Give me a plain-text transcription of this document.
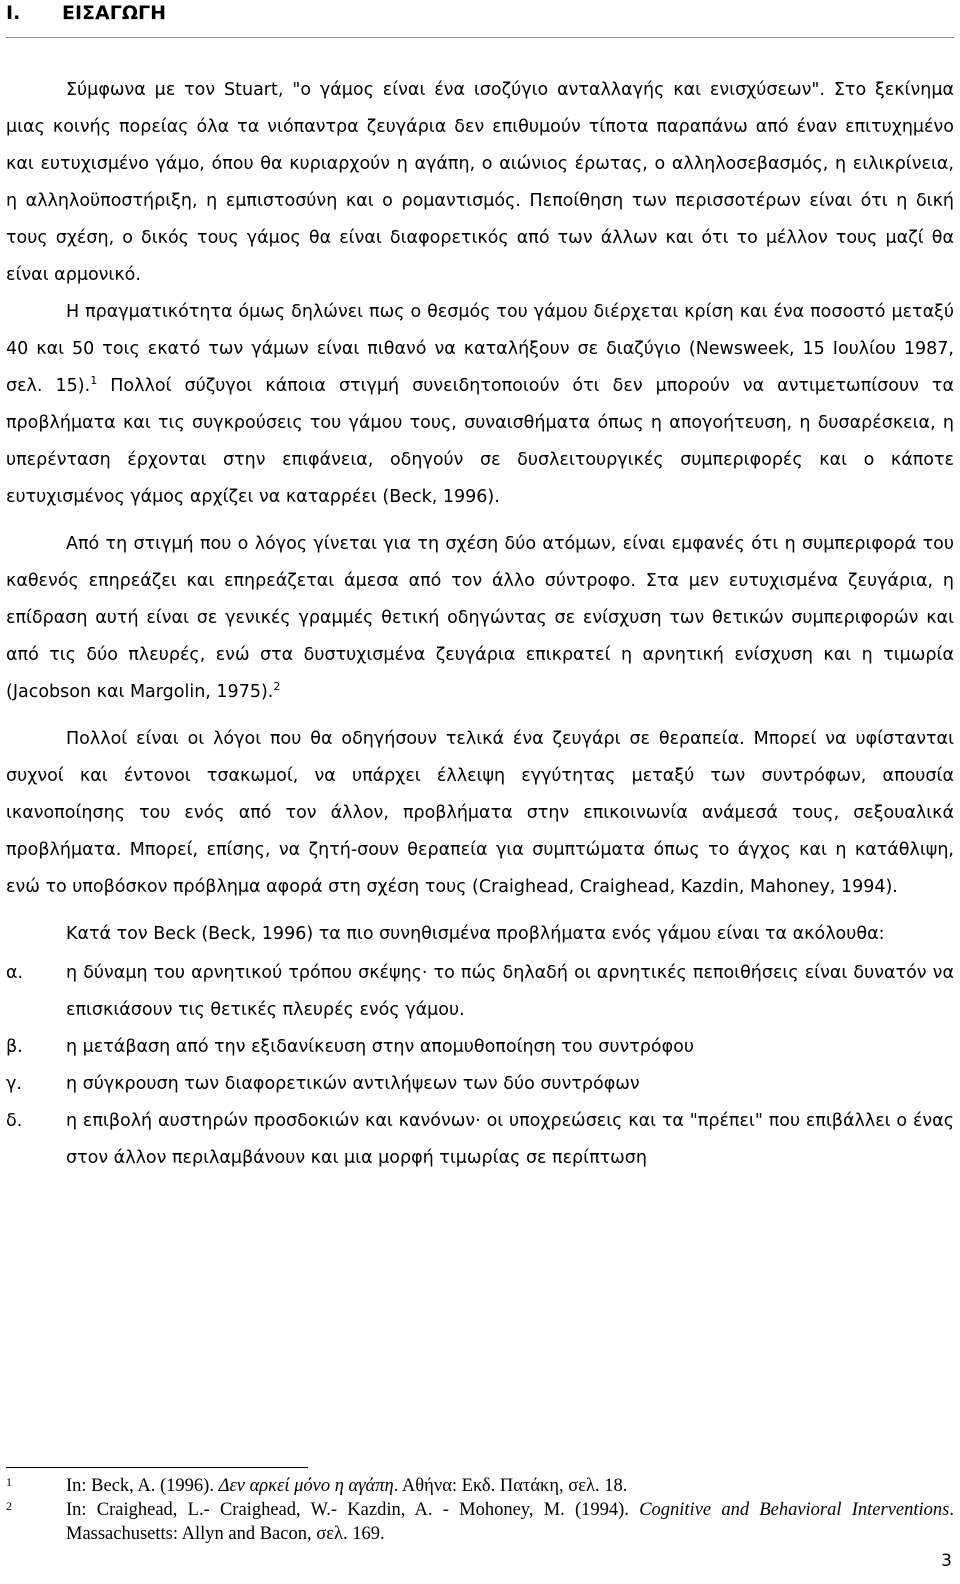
I. ΕΙΣΑΓΩΓΗ

Σύμφωνα με τον Stuart, "ο γάμος είναι ένα ισοζύγιο ανταλλαγής και ενισχύσεων". Στο ξεκίνημα μιας κοινής πορείας όλα τα νιόπαντρα ζευγάρια δεν επιθυμούν τίποτα παραπάνω από έναν επιτυχημένο και ευτυχισμένο γάμο, όπου θα κυριαρχούν η αγάπη, ο αιώνιος έρωτας, ο αλληλοσεβασμός, η ειλικρίνεια, η αλληλοϋποστήριξη, η εμπιστοσύνη και ο ρομαντισμός. Πεποίθηση των περισσοτέρων είναι ότι η δική τους σχέση, ο δικός τους γάμος θα είναι διαφορετικός από των άλλων και ότι το μέλλον τους μαζί θα είναι αρμονικό.

Η πραγματικότητα όμως δηλώνει πως ο θεσμός του γάμου διέρχεται κρίση και ένα ποσοστό μεταξύ 40 και 50 τοις εκατό των γάμων είναι πιθανό να καταλήξουν σε διαζύγιο (Newsweek, 15 Ιουλίου 1987, σελ. 15).$^1$ Πολλοί σύζυγοι κάποια στιγμή συνειδητοποιούν ότι δεν μπορούν να αντιμετωπίσουν τα προβλήματα και τις συγκρούσεις του γάμου τους, συναισθήματα όπως η απογοήτευση, η δυσαρέσκεια, η υπερένταση έρχονται στην επιφάνεια, οδηγούν σε δυσλειτουργικές συμπεριφορές και ο κάποτε ευτυχισμένος γάμος αρχίζει να καταρρέει (Beck, 1996).

Από τη στιγμή που ο λόγος γίνεται για τη σχέση δύο ατόμων, είναι εμφανές ότι η συμπεριφορά του καθενός επηρεάζει και επηρεάζεται άμεσα από τον άλλο σύντροφο. Στα μεν ευτυχισμένα ζευγάρια, η επίδραση αυτή είναι σε γενικές γραμμές θετική οδηγώντας σε ενίσχυση των θετικών συμπεριφορών και από τις δύο πλευρές, ενώ στα δυστυχισμένα ζευγάρια επικρατεί η αρνητική ενίσχυση και η τιμωρία (Jacobson και Margolin, 1975).$^2$

Πολλοί είναι οι λόγοι που θα οδηγήσουν τελικά ένα ζευγάρι σε θεραπεία. Μπορεί να υφίστανται συχνοί και έντονοι τσακωμοί, να υπάρχει έλλειψη εγγύτητας μεταξύ των συντρόφων, απουσία ικανοποίησης του ενός από τον άλλον, προβλήματα στην επικοινωνία ανάμεσά τους, σεξουαλικά προβλήματα. Μπορεί, επίσης, να ζητή-σουν θεραπεία για συμπτώματα όπως το άγχος και η κατάθλιψη, ενώ το υποβόσκον πρόβλημα αφορά στη σχέση τους (Craighead, Craighead, Kazdin, Mahoney, 1994).

Κατά τον Beck (Beck, 1996) τα πιο συνηθισμένα προβλήματα ενός γάμου είναι τα ακόλουθα:

α. η δύναμη του αρνητικού τρόπου σκέψης· το πώς δηλαδή οι αρνητικές πεποιθήσεις είναι δυνατόν να επισκιάσουν τις θετικές πλευρές ενός γάμου.
β. η μετάβαση από την εξιδανίκευση στην απομυθοποίηση του συντρόφου
γ.	η σύγκρουση των διαφορετικών αντιλήψεων των δύο συντρόφων
δ. η επιβολή αυστηρών προσδοκιών και κανόνων· οι υποχρεώσεις και τα "πρέπει" που επιβάλλει ο ένας στον άλλον περιλαμβάνουν και μια μορφή τιμωρίας σε περίπτωση
1	In: Beck, A. (1996). Δεν αρκεί μόνο η αγάπη. Αθήνα: Εκδ. Πατάκη, σελ. 18.
2	In: Craighead, L.- Craighead, W.- Kazdin, A. - Mohoney, M. (1994). Cognitive and Behavioral Interventions. Massachusetts: Allyn and Bacon, σελ. 169.
3
